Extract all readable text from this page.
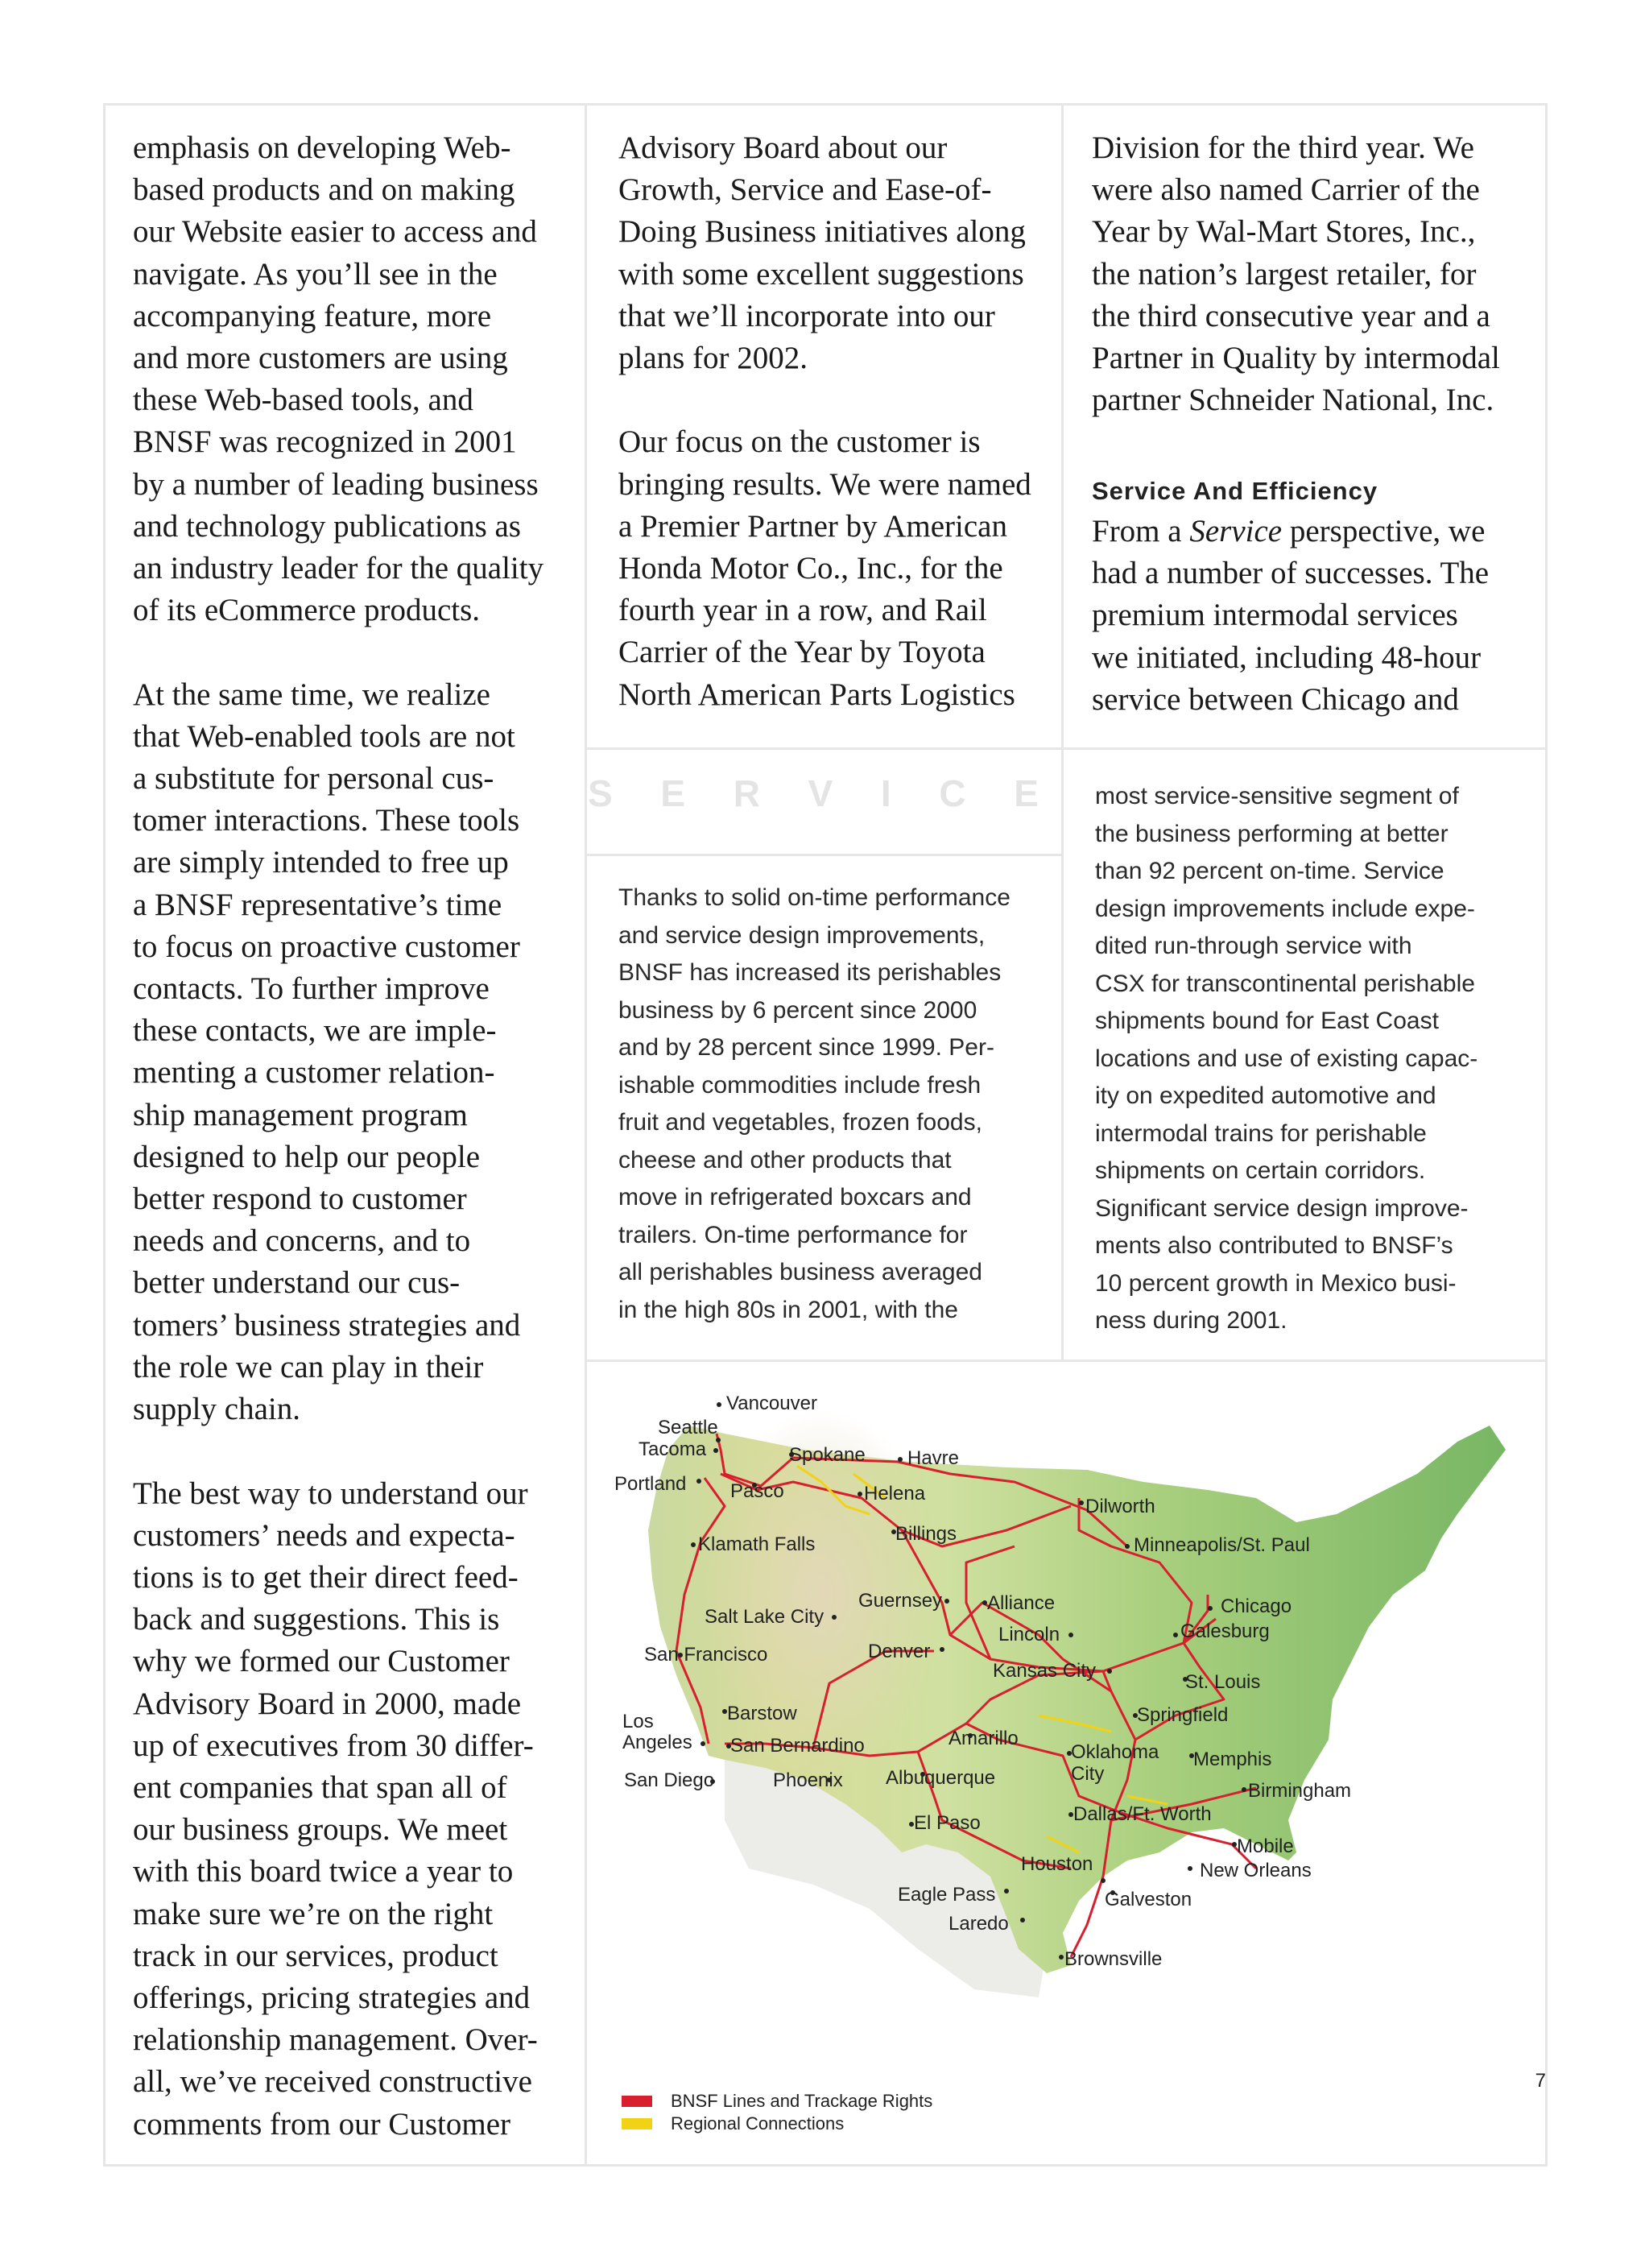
emphasis on developing Web-
based products and on making
our Website easier to access and
navigate. As you’ll see in the
accompanying feature, more
and more customers are using
these Web-based tools, and
BNSF was recognized in 2001
by a number of leading business
and technology publications as
an industry leader for the quality
of its eCommerce products.

At the same time, we realize
that Web-enabled tools are not
a substitute for personal cus-
tomer interactions. These tools
are simply intended to free up
a BNSF representative’s time
to focus on proactive customer
contacts. To further improve
these contacts, we are imple-
menting a customer relation-
ship management program
designed to help our people
better respond to customer
needs and concerns, and to
better understand our cus-
tomers’ business strategies and
the role we can play in their
supply chain.

The best way to understand our
customers’ needs and expecta-
tions is to get their direct feed-
back and suggestions. This is
why we formed our Customer
Advisory Board in 2000, made
up of executives from 30 differ-
ent companies that span all of
our business groups. We meet
with this board twice a year to
make sure we’re on the right
track in our services, product
offerings, pricing strategies and
relationship management. Over-
all, we’ve received constructive
comments from our Customer
Advisory Board about our
Growth, Service and Ease-of-
Doing Business initiatives along
with some excellent suggestions
that we’ll incorporate into our
plans for 2002.

Our focus on the customer is
bringing results. We were named
a Premier Partner by American
Honda Motor Co., Inc., for the
fourth year in a row, and Rail
Carrier of the Year by Toyota
North American Parts Logistics
Division for the third year. We
were also named Carrier of the
Year by Wal-Mart Stores, Inc.,
the nation’s largest retailer, for
the third consecutive year and a
Partner in Quality by intermodal
partner Schneider National, Inc.
Service And Efficiency
From a Service perspective, we
had a number of successes. The
premium intermodal services
we initiated, including 48-hour
service between Chicago and
S E R V I C E
Thanks to solid on-time performance
and service design improvements,
BNSF has increased its perishables
business by 6 percent since 2000
and by 28 percent since 1999. Per-
ishable commodities include fresh
fruit and vegetables, frozen foods,
cheese and other products that
move in refrigerated boxcars and
trailers. On-time performance for
all perishables business averaged
in the high 80s in 2001, with the
most service-sensitive segment of
the business performing at better
than 92 percent on-time. Service
design improvements include expe-
dited run-through service with
CSX for transcontinental perishable
shipments bound for East Coast
locations and use of existing capac-
ity on expedited automotive and
intermodal trains for perishable
shipments on certain corridors.
Significant service design improve-
ments also contributed to BNSF’s
10 percent growth in Mexico busi-
ness during 2001.
Vancouver
Seattle
Tacoma
Portland
Spokane Havre
Pasco	Helena
Dilworth
Billings
Klamath Falls	Minneapolis/St. Paul
Guernsey Alliance	Chicago
Salt Lake City
Lincoln	Galesburg
San Francisco	Denver
Kansas City
St. Louis
Barstow	Springfield
Los
Angeles San Bernardino	Amarillo
Oklahoma
City
Memphis
San Diego	Phoenix Albuquerque
Birmingham
El Paso	Dallas/Ft. Worth
Mobile
Houston	New Orleans
Eagle Pass	Galveston
Laredo
Brownsville
BNSF Lines and Trackage Rights
Regional Connections
7
